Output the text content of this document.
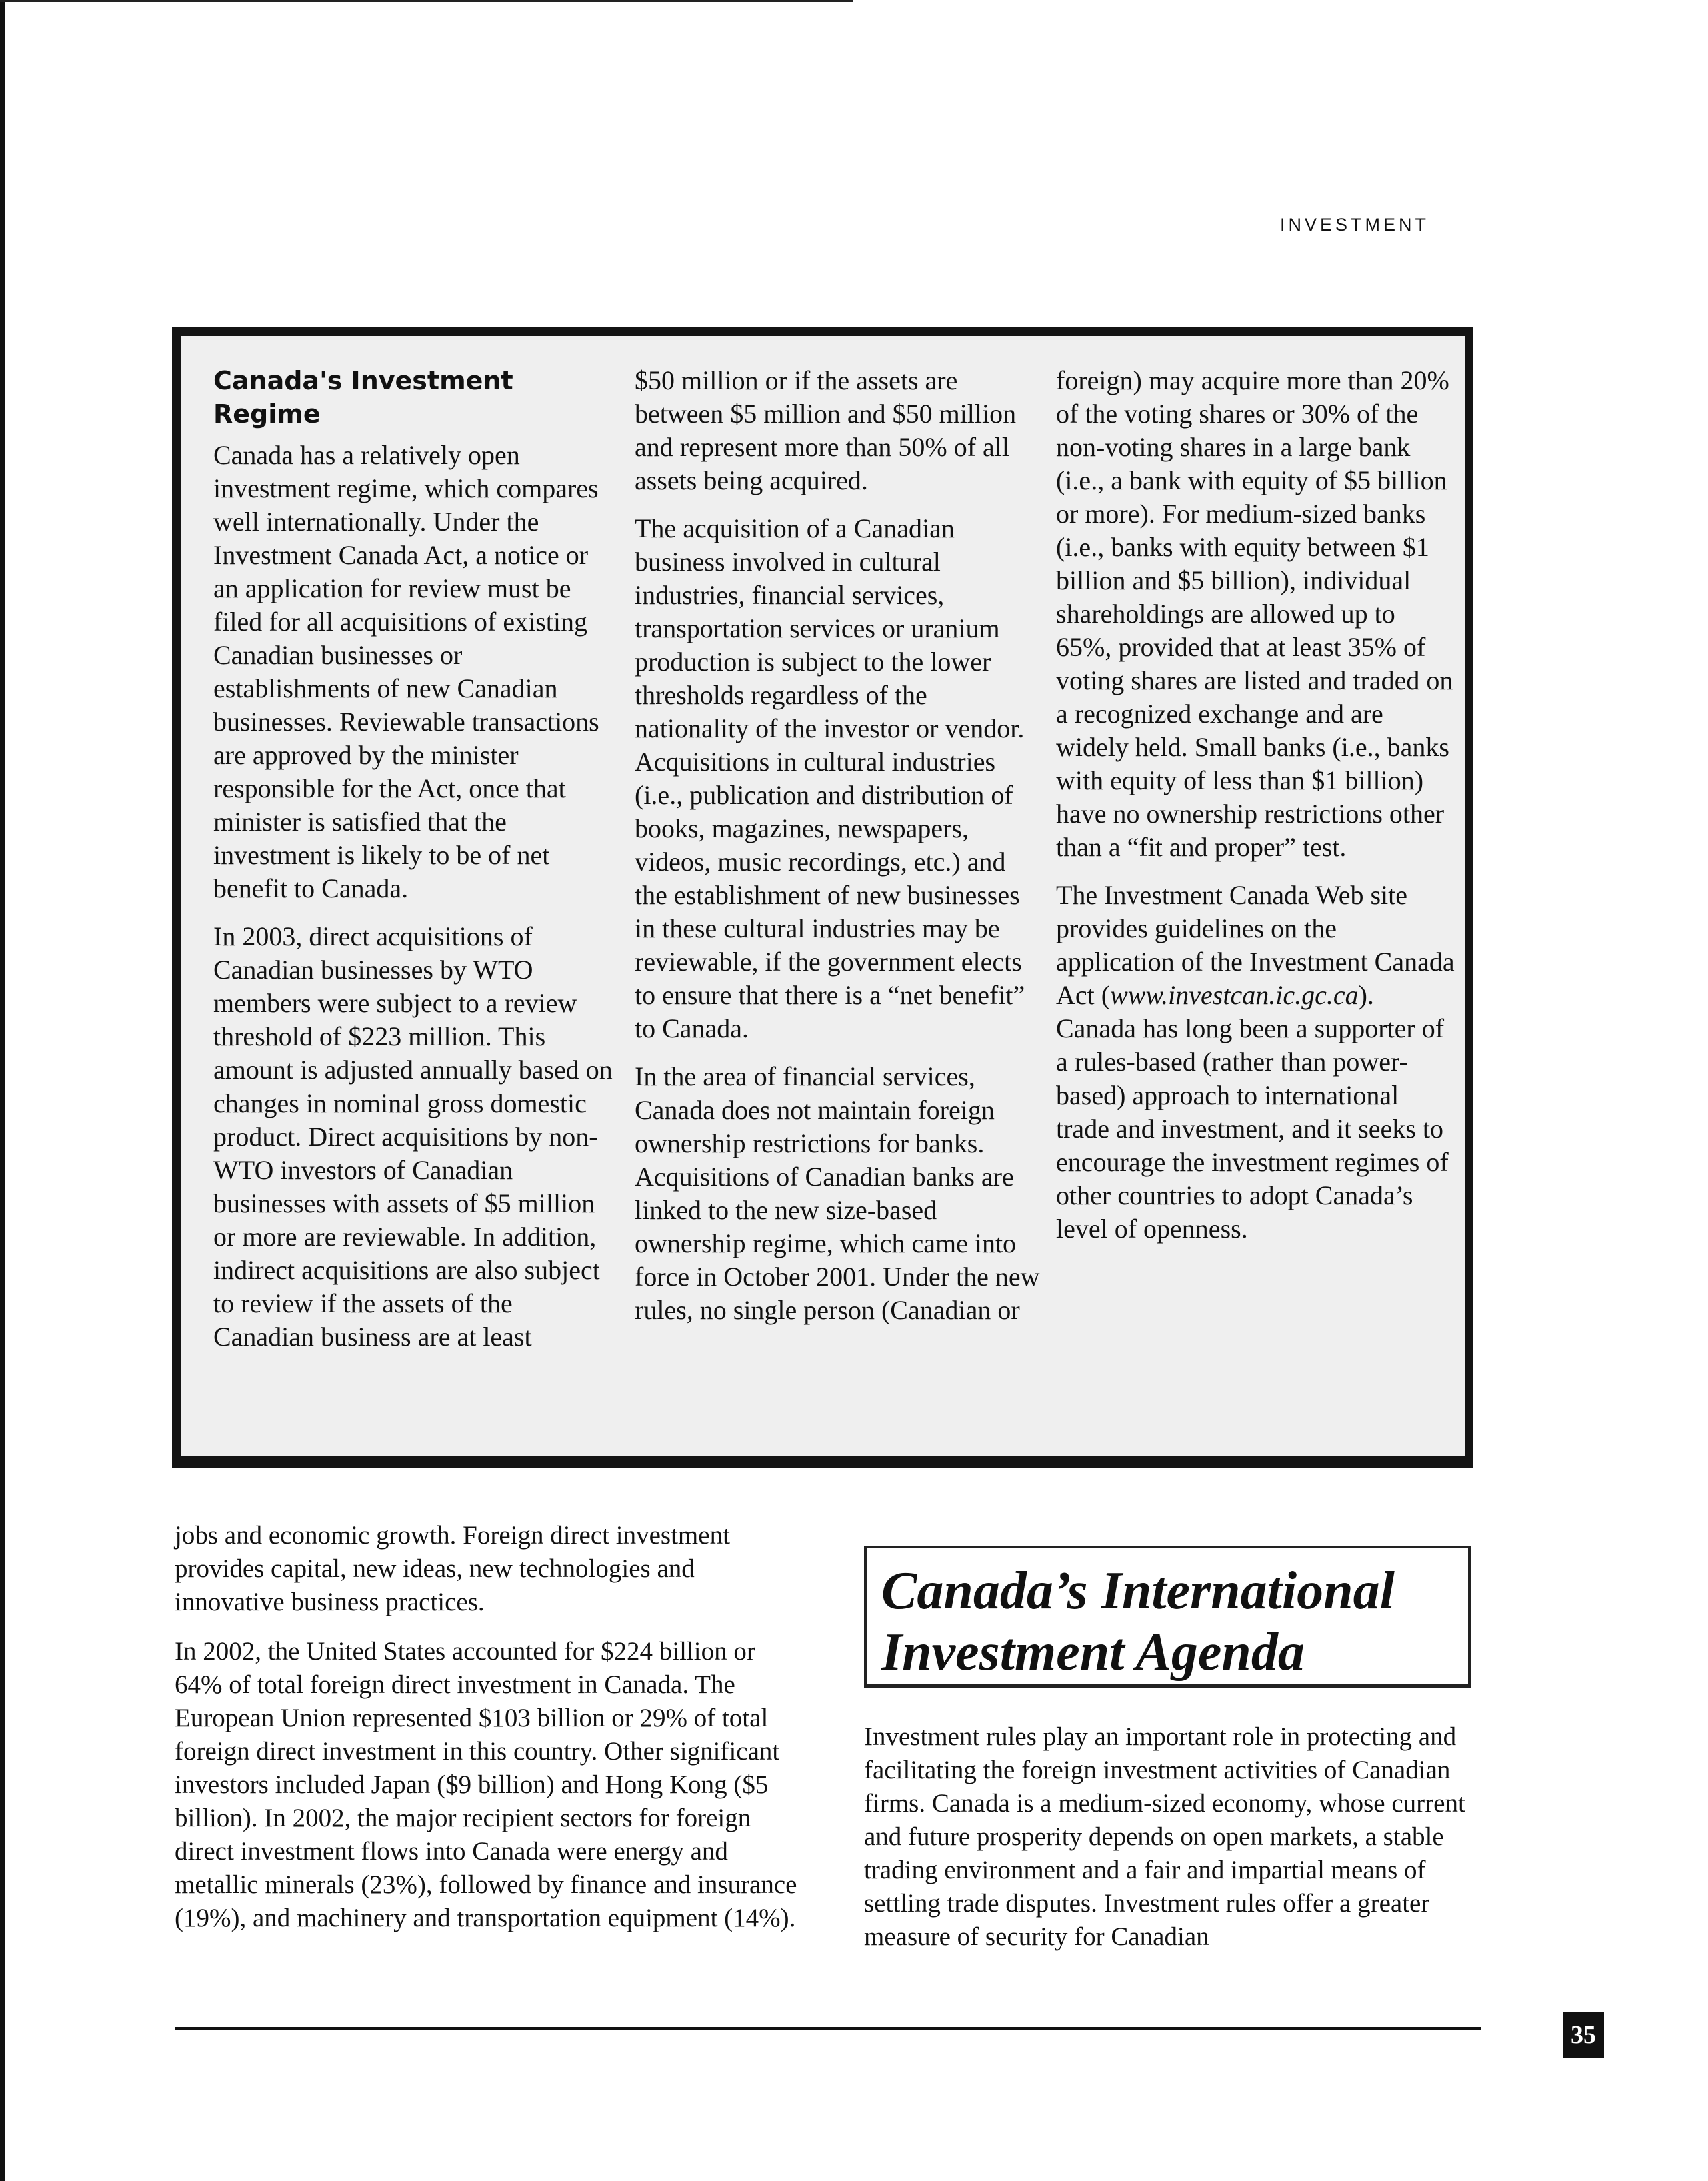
INVESTMENT
Canada's Investment Regime

Canada has a relatively open investment regime, which compares well internationally. Under the Investment Canada Act, a notice or an application for review must be filed for all acquisitions of existing Canadian businesses or establishments of new Canadian businesses. Reviewable transactions are approved by the minister responsible for the Act, once that minister is satisfied that the investment is likely to be of net benefit to Canada.

In 2003, direct acquisitions of Canadian businesses by WTO members were subject to a review threshold of $223 million. This amount is adjusted annually based on changes in nominal gross domestic product. Direct acquisitions by non-WTO investors of Canadian businesses with assets of $5 million or more are reviewable. In addition, indirect acquisitions are also subject to review if the assets of the Canadian business are at least

$50 million or if the assets are between $5 million and $50 million and represent more than 50% of all assets being acquired.

The acquisition of a Canadian business involved in cultural industries, financial services, transportation services or uranium production is subject to the lower thresholds regardless of the nationality of the investor or vendor. Acquisitions in cultural industries (i.e., publication and distribution of books, magazines, newspapers, videos, music recordings, etc.) and the establishment of new businesses in these cultural industries may be reviewable, if the government elects to ensure that there is a “net benefit” to Canada.

In the area of financial services, Canada does not maintain foreign ownership restrictions for banks. Acquisitions of Canadian banks are linked to the new size-based ownership regime, which came into force in October 2001. Under the new rules, no single person (Canadian or

foreign) may acquire more than 20% of the voting shares or 30% of the non-voting shares in a large bank (i.e., a bank with equity of $5 billion or more). For medium-sized banks (i.e., banks with equity between $1 billion and $5 billion), individual shareholdings are allowed up to 65%, provided that at least 35% of voting shares are listed and traded on a recognized exchange and are widely held. Small banks (i.e., banks with equity of less than $1 billion) have no ownership restrictions other than a “fit and proper” test.

The Investment Canada Web site provides guidelines on the application of the Investment Canada Act (www.investcan.ic.gc.ca). Canada has long been a supporter of a rules-based (rather than power-based) approach to international trade and investment, and it seeks to encourage the investment regimes of other countries to adopt Canada’s level of openness.

jobs and economic growth. Foreign direct investment provides capital, new ideas, new technologies and innovative business practices.

In 2002, the United States accounted for $224 billion or 64% of total foreign direct investment in Canada. The European Union represented $103 billion or 29% of total foreign direct investment in this country. Other significant investors included Japan ($9 billion) and Hong Kong ($5 billion). In 2002, the major recipient sectors for foreign direct investment flows into Canada were energy and metallic minerals (23%), followed by finance and insurance (19%), and machinery and transportation equipment (14%).

Canada’s International
Investment Agenda

Investment rules play an important role in protecting and facilitating the foreign investment activities of Canadian firms. Canada is a medium-sized economy, whose current and future prosperity depends on open markets, a stable trading environment and a fair and impartial means of settling trade disputes. Investment rules offer a greater measure of security for Canadian

35
